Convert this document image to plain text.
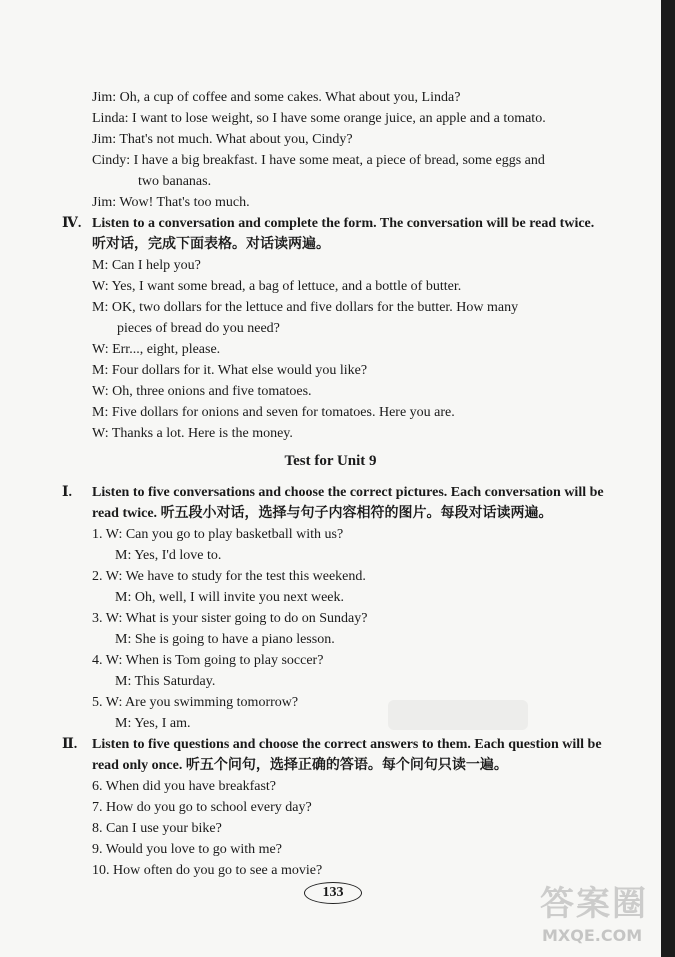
Jim: Oh, a cup of coffee and some cakes. What about you, Linda?
Linda: I want to lose weight, so I have some orange juice, an apple and a tomato.
Jim: That's not much. What about you, Cindy?
Cindy: I have a big breakfast. I have some meat, a piece of bread, some eggs and
two bananas.
Jim: Wow! That's too much.
Ⅳ. Listen to a conversation and complete the form. The conversation will be read twice.
听对话，完成下面表格。对话读两遍。
M: Can I help you?
W: Yes, I want some bread, a bag of lettuce, and a bottle of butter.
M: OK, two dollars for the lettuce and five dollars for the butter. How many
pieces of bread do you need?
W: Err..., eight, please.
M: Four dollars for it. What else would you like?
W: Oh, three onions and five tomatoes.
M: Five dollars for onions and seven for tomatoes. Here you are.
W: Thanks a lot. Here is the money.
Test for Unit 9
Ⅰ. Listen to five conversations and choose the correct pictures. Each conversation will be
read twice. 听五段小对话，选择与句子内容相符的图片。每段对话读两遍。
1. W: Can you go to play basketball with us?
M: Yes, I'd love to.
2. W: We have to study for the test this weekend.
M: Oh, well, I will invite you next week.
3. W: What is your sister going to do on Sunday?
M: She is going to have a piano lesson.
4. W: When is Tom going to play soccer?
M: This Saturday.
5. W: Are you swimming tomorrow?
M: Yes, I am.
Ⅱ. Listen to five questions and choose the correct answers to them. Each question will be
read only once. 听五个问句，选择正确的答语。每个问句只读一遍。
6. When did you have breakfast?
7. How do you go to school every day?
8. Can I use your bike?
9. Would you love to go with me?
10. How often do you go to see a movie?
133	答案圈
MXQE.COM
